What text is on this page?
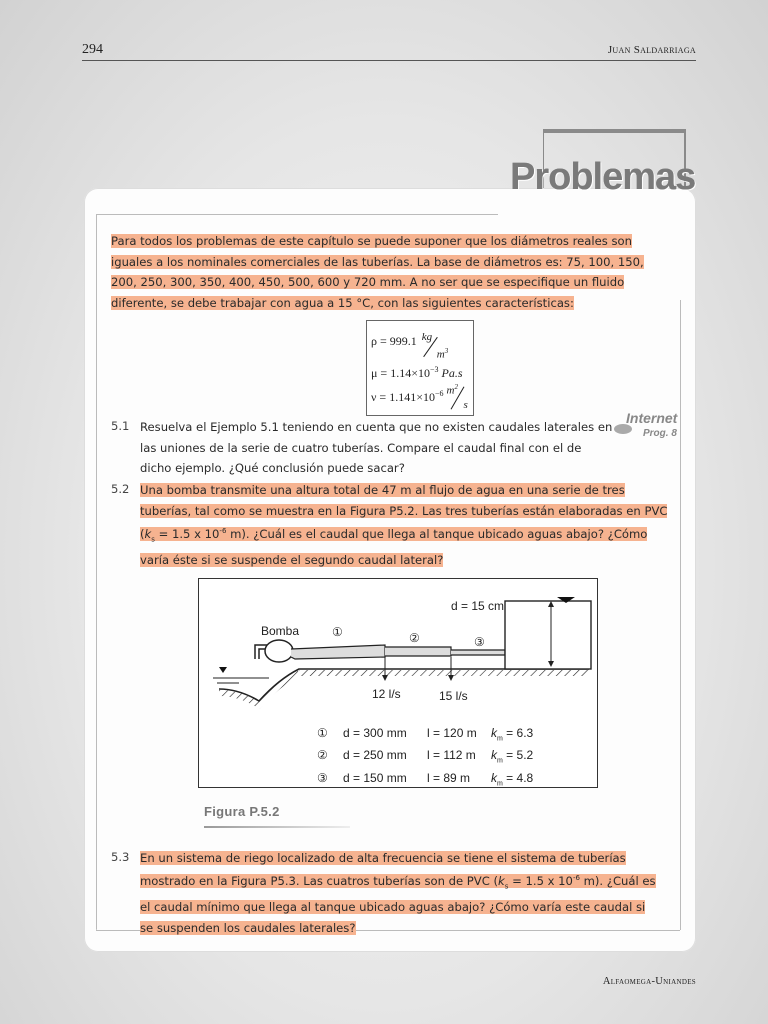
294	Juan Saldarriaga
Problemas
Para todos los problemas de este capítulo se puede suponer que los diámetros reales son iguales a los nominales comerciales de las tuberías. La base de diámetros es: 75, 100, 150, 200, 250, 300, 350, 400, 450, 500, 600 y 720 mm. A no ser que se especifique un fluido diferente, se debe trabajar con agua a 15 °C, con las siguientes características:
ρ = 999.1 kg
$m^3$
$\mu = 1.14\times 10^{-3}$ Pa.s
$\nu = 1.141\times 10^{-6}$ $m^2$
s
Internet
Prog. 8
5.1 Resuelva el Ejemplo 5.1 teniendo en cuenta que no existen caudales laterales en las uniones de la serie de cuatro tuberías. Compare el caudal final con el de dicho ejemplo. ¿Qué conclusión puede sacar?
5.2 Una bomba transmite una altura total de 47 m al flujo de agua en una serie de tres tuberías, tal como se muestra en la Figura P5.2. Las tres tuberías están elaboradas en PVC ($k_s = 1.5$ x $10^{-6}$ m). ¿Cuál es el caudal que llega al tanque ubicado aguas abajo? ¿Cómo varía éste si se suspende el segundo caudal lateral?
d = 15 cm
Bomba	①	②	③
12 l/s	15 l/s
① d = 300 mm l = 120 m $k_m = 6.3$
② d = 250 mm l = 112 m $k_m = 5.2$
③ d = 150 mm l = 89 m $k_m = 4.8$
Figura P.5.2
5.3 En un sistema de riego localizado de alta frecuencia se tiene el sistema de tuberías mostrado en la Figura P5.3. Las cuatros tuberías son de PVC ($k_s = 1.5$ x $10^{-6}$ m). ¿Cuál es el caudal mínimo que llega al tanque ubicado aguas abajo? ¿Cómo varía este caudal si se suspenden los caudales laterales?
Alfaomega-Uniandes
